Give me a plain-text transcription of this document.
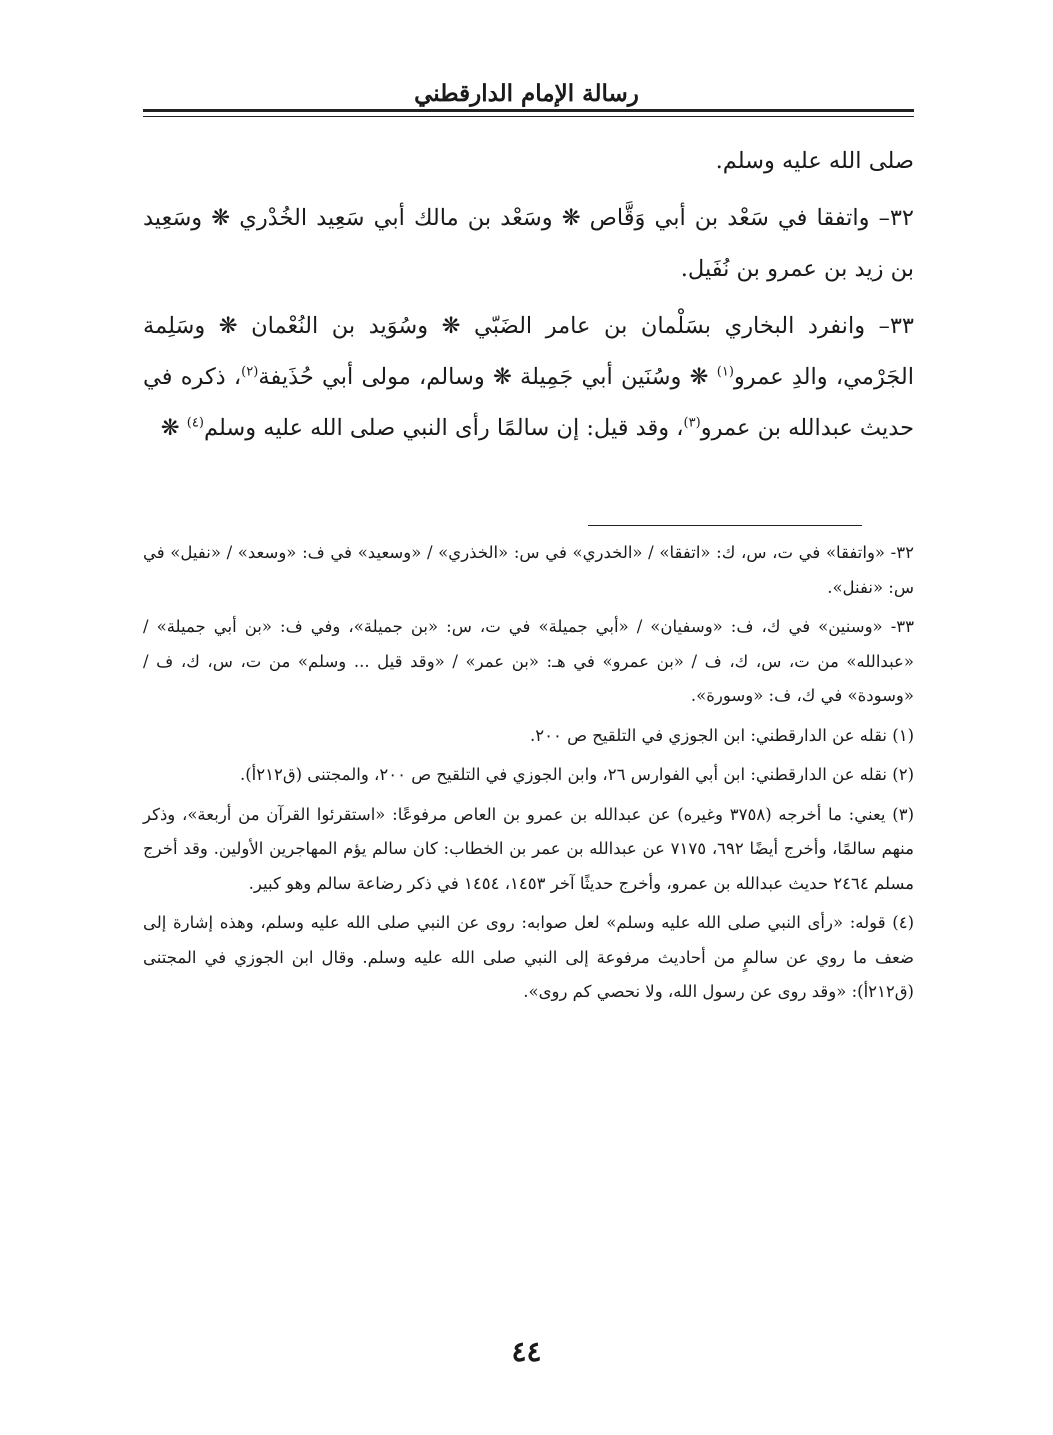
رسالة الإمام الدارقطني

صلى الله عليه وسلم.

٣٢– واتفقا في سَعْد بن أبي وَقَّاص ❋ وسَعْد بن مالك أبي سَعِيد الخُدْري ❋ وسَعِيد بن زيد بن عمرو بن نُفَيل.

٣٣– وانفرد البخاري بسَلْمان بن عامر الضَبّي ❋ وسُوَيد بن النُعْمان ❋ وسَلِمة الجَرْمي، والدِ عمرو$^{(١)}$ ❋ وسُنَين أبي جَمِيلة ❋ وسالم، مولى أبي حُذَيفة$^{(٢)}$، ذكره في حديث عبدالله بن عمرو$^{(٣)}$، وقد قيل: إن سالمًا رأى النبي صلى الله عليه وسلم$^{(٤)}$ ❋

٣٢- «واتفقا» في ت، س، ك: «اتفقا» / «الخدري» في س: «الخذري» / «وسعيد» في ف: «وسعد» / «نفيل» في س: «نفنل».

٣٣- «وسنين» في ك، ف: «وسفيان» / «أبي جميلة» في ت، س: «بن جميلة»، وفي ف: «بن أبي جميلة» / «عبدالله» من ت، س، ك، ف / «بن عمرو» في هـ: «بن عمر» / «وقد قيل ... وسلم» من ت، س، ك، ف / «وسودة» في ك، ف: «وسورة».

(١) نقله عن الدارقطني: ابن الجوزي في التلقيح ص ٢٠٠.

(٢) نقله عن الدارقطني: ابن أبي الفوارس ٢٦، وابن الجوزي في التلقيح ص ٢٠٠، والمجتنى (ق٢١٢أ).

(٣) يعني: ما أخرجه (٣٧٥٨ وغيره) عن عبدالله بن عمرو بن العاص مرفوعًا: «استقرئوا القرآن من أربعة»، وذكر منهم سالمًا، وأخرج أيضًا ٦٩٢، ٧١٧٥ عن عبدالله بن عمر بن الخطاب: كان سالم يؤم المهاجرين الأولين. وقد أخرج مسلم ٢٤٦٤ حديث عبدالله بن عمرو، وأخرج حديثًا آخر ١٤٥٣، ١٤٥٤ في ذكر رضاعة سالم وهو كبير.

(٤) قوله: «رأى النبي صلى الله عليه وسلم» لعل صوابه: روى عن النبي صلى الله عليه وسلم، وهذه إشارة إلى ضعف ما روي عن سالمٍ من أحاديث مرفوعة إلى النبي صلى الله عليه وسلم. وقال ابن الجوزي في المجتنى (ق٢١٢أ): «وقد روى عن رسول الله، ولا نحصي كم روى».

٤٤
